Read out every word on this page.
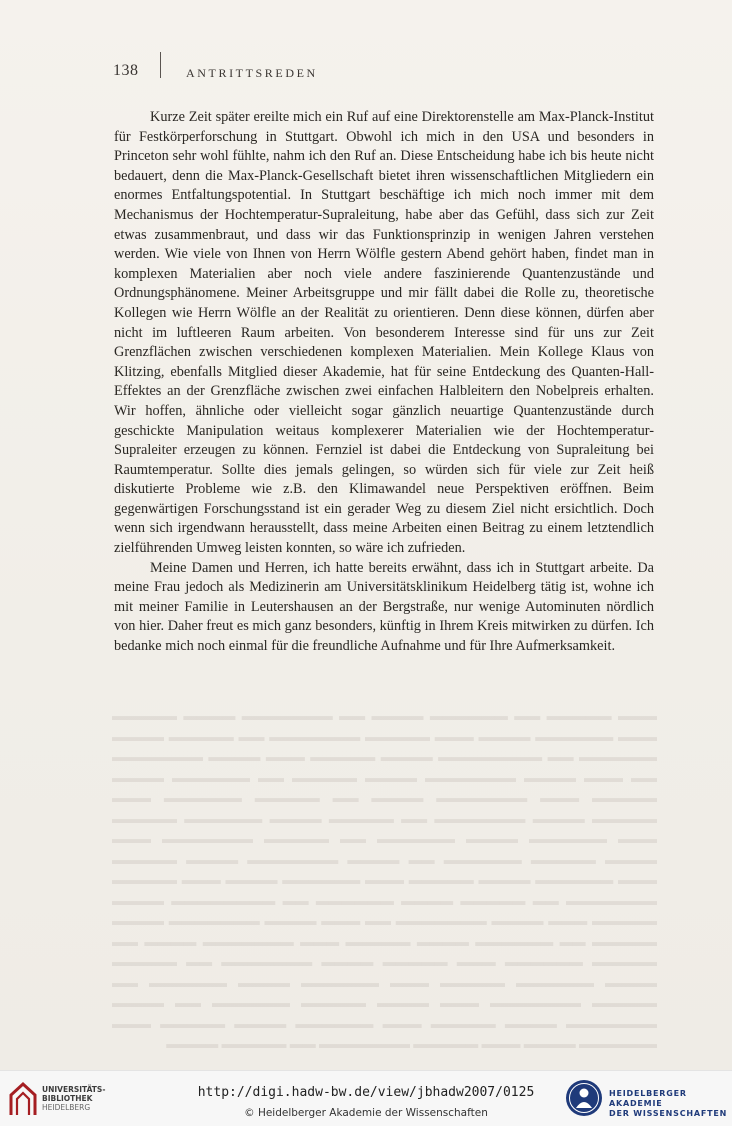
138	ANTRITTSREDEN

Kurze Zeit später ereilte mich ein Ruf auf eine Direktorenstelle am Max-Planck-Institut für Festkörperforschung in Stuttgart. Obwohl ich mich in den USA und besonders in Princeton sehr wohl fühlte, nahm ich den Ruf an. Diese Entscheidung habe ich bis heute nicht bedauert, denn die Max-Planck-Gesellschaft bietet ihren wissenschaftlichen Mitgliedern ein enormes Entfaltungspotential. In Stuttgart beschäftige ich mich noch immer mit dem Mechanismus der Hochtemperatur-Supraleitung, habe aber das Gefühl, dass sich zur Zeit etwas zusammenbraut, und dass wir das Funktionsprinzip in wenigen Jahren verstehen werden. Wie viele von Ihnen von Herrn Wölfle gestern Abend gehört haben, findet man in komplexen Materialien aber noch viele andere faszinierende Quantenzustände und Ordnungsphänomene. Meiner Arbeitsgruppe und mir fällt dabei die Rolle zu, theoretische Kollegen wie Herrn Wölfle an der Realität zu orientieren. Denn diese können, dürfen aber nicht im luftleeren Raum arbeiten. Von besonderem Interesse sind für uns zur Zeit Grenzflächen zwischen verschiedenen komplexen Materialien. Mein Kollege Klaus von Klitzing, ebenfalls Mitglied dieser Akademie, hat für seine Entdeckung des Quanten-Hall-Effektes an der Grenzfläche zwischen zwei einfachen Halbleitern den Nobelpreis erhalten. Wir hoffen, ähnliche oder vielleicht sogar gänzlich neuartige Quantenzustände durch geschickte Manipulation weitaus komplexerer Materialien wie der Hochtemperatur-Supraleiter erzeugen zu können. Fernziel ist dabei die Entdeckung von Supraleitung bei Raumtemperatur. Sollte dies jemals gelingen, so würden sich für viele zur Zeit heiß diskutierte Probleme wie z.B. den Klimawandel neue Perspektiven eröffnen. Beim gegenwärtigen Forschungsstand ist ein gerader Weg zu diesem Ziel nicht ersichtlich. Doch wenn sich irgendwann herausstellt, dass meine Arbeiten einen Beitrag zu einem letztendlich zielführenden Umweg leisten konnten, so wäre ich zufrieden.

Meine Damen und Herren, ich hatte bereits erwähnt, dass ich in Stuttgart arbeite. Da meine Frau jedoch als Medizinerin am Universitätsklinikum Heidelberg tätig ist, wohne ich mit meiner Familie in Leutershausen an der Bergstraße, nur wenige Autominuten nördlich von hier. Daher freut es mich ganz besonders, künftig in Ihrem Kreis mitwirken zu dürfen. Ich bedanke mich noch einmal für die freundliche Aufnahme und für Ihre Aufmerksamkeit.

▬▬▬ ▬▬▬▬▬ ▬▬ ▬▬▬▬▬▬ ▬▬▬▬ ▬▬ ▬▬▬▬▬▬▬ ▬▬▬▬ ▬▬▬▬▬ ▬▬▬ ▬▬▬▬▬▬ ▬▬▬▬ ▬▬▬ ▬▬▬▬▬ ▬▬▬▬▬▬▬ ▬▬ ▬▬▬▬▬ ▬▬▬▬ ▬▬▬▬▬▬ ▬▬ ▬▬▬▬▬▬▬▬ ▬▬▬▬ ▬▬▬▬▬ ▬▬▬ ▬▬▬▬ ▬▬▬▬▬▬▬ ▬▬ ▬▬▬ ▬▬▬▬ ▬▬▬▬▬▬▬ ▬▬▬▬ ▬▬▬▬▬ ▬▬ ▬▬▬▬▬▬ ▬▬▬▬ ▬▬▬▬▬ ▬▬▬ ▬▬▬▬▬▬▬ ▬▬▬▬ ▬▬ ▬▬▬▬▬ ▬▬▬▬▬▬ ▬▬▬ ▬▬▬▬▬ ▬▬▬▬ ▬▬▬▬▬▬▬ ▬▬ ▬▬▬▬▬ ▬▬▬▬ ▬▬▬▬▬▬ ▬▬▬▬▬ ▬▬▬ ▬▬▬▬▬▬ ▬▬▬▬ ▬▬▬▬▬▬ ▬▬ ▬▬▬▬▬ ▬▬▬▬▬▬▬ ▬▬▬ ▬▬▬▬ ▬▬▬▬▬ ▬▬▬▬▬▬ ▬▬ ▬▬▬▬ ▬▬▬▬▬▬▬ ▬▬▬▬ ▬▬▬▬▬ ▬▬▬ ▬▬▬▬▬▬ ▬▬▬▬ ▬▬▬▬▬ ▬▬▬ ▬▬▬▬▬▬ ▬▬▬▬ ▬▬▬ ▬▬▬▬▬ ▬▬▬▬▬▬▬ ▬▬ ▬▬▬▬▬ ▬▬▬▬ ▬▬▬▬▬▬ ▬▬ ▬▬▬▬▬▬▬▬ ▬▬▬▬ ▬▬▬▬▬ ▬▬▬ ▬▬▬▬ ▬▬▬▬▬▬▬ ▬▬ ▬▬▬ ▬▬▬▬ ▬▬▬▬▬▬▬ ▬▬▬▬ ▬▬▬▬▬ ▬▬ ▬▬▬▬▬▬ ▬▬▬▬ ▬▬▬▬▬ ▬▬▬ ▬▬▬▬▬▬▬ ▬▬▬▬ ▬▬ ▬▬▬▬▬ ▬▬▬▬▬▬ ▬▬▬ ▬▬▬▬▬ ▬▬▬▬ ▬▬▬▬▬▬▬ ▬▬ ▬▬▬▬▬ ▬▬▬▬ ▬▬▬▬▬▬ ▬▬▬▬▬ ▬▬▬ ▬▬▬▬▬▬ ▬▬▬▬ ▬▬▬▬▬▬ ▬▬ ▬▬▬▬▬ ▬▬▬▬▬▬▬ ▬▬▬ ▬▬▬▬ ▬▬▬▬▬ ▬▬▬▬▬▬ ▬▬ ▬▬▬▬ ▬▬▬▬▬▬▬ ▬▬▬▬ ▬▬▬▬▬ ▬▬▬ ▬▬▬▬▬▬ ▬▬▬▬ ▬▬▬▬▬ ▬▬▬ ▬▬▬▬▬▬ ▬▬▬▬ ▬▬▬ ▬▬▬▬▬ ▬▬▬▬▬▬▬ ▬▬ ▬▬▬▬▬ ▬▬▬▬
UNIVERSITÄTS-
BIBLIOTHEK
HEIDELBERG
http://digi.hadw-bw.de/view/jbhadw2007/0125
© Heidelberger Akademie der Wissenschaften
HEIDELBERGER AKADEMIE
DER WISSENSCHAFTEN
